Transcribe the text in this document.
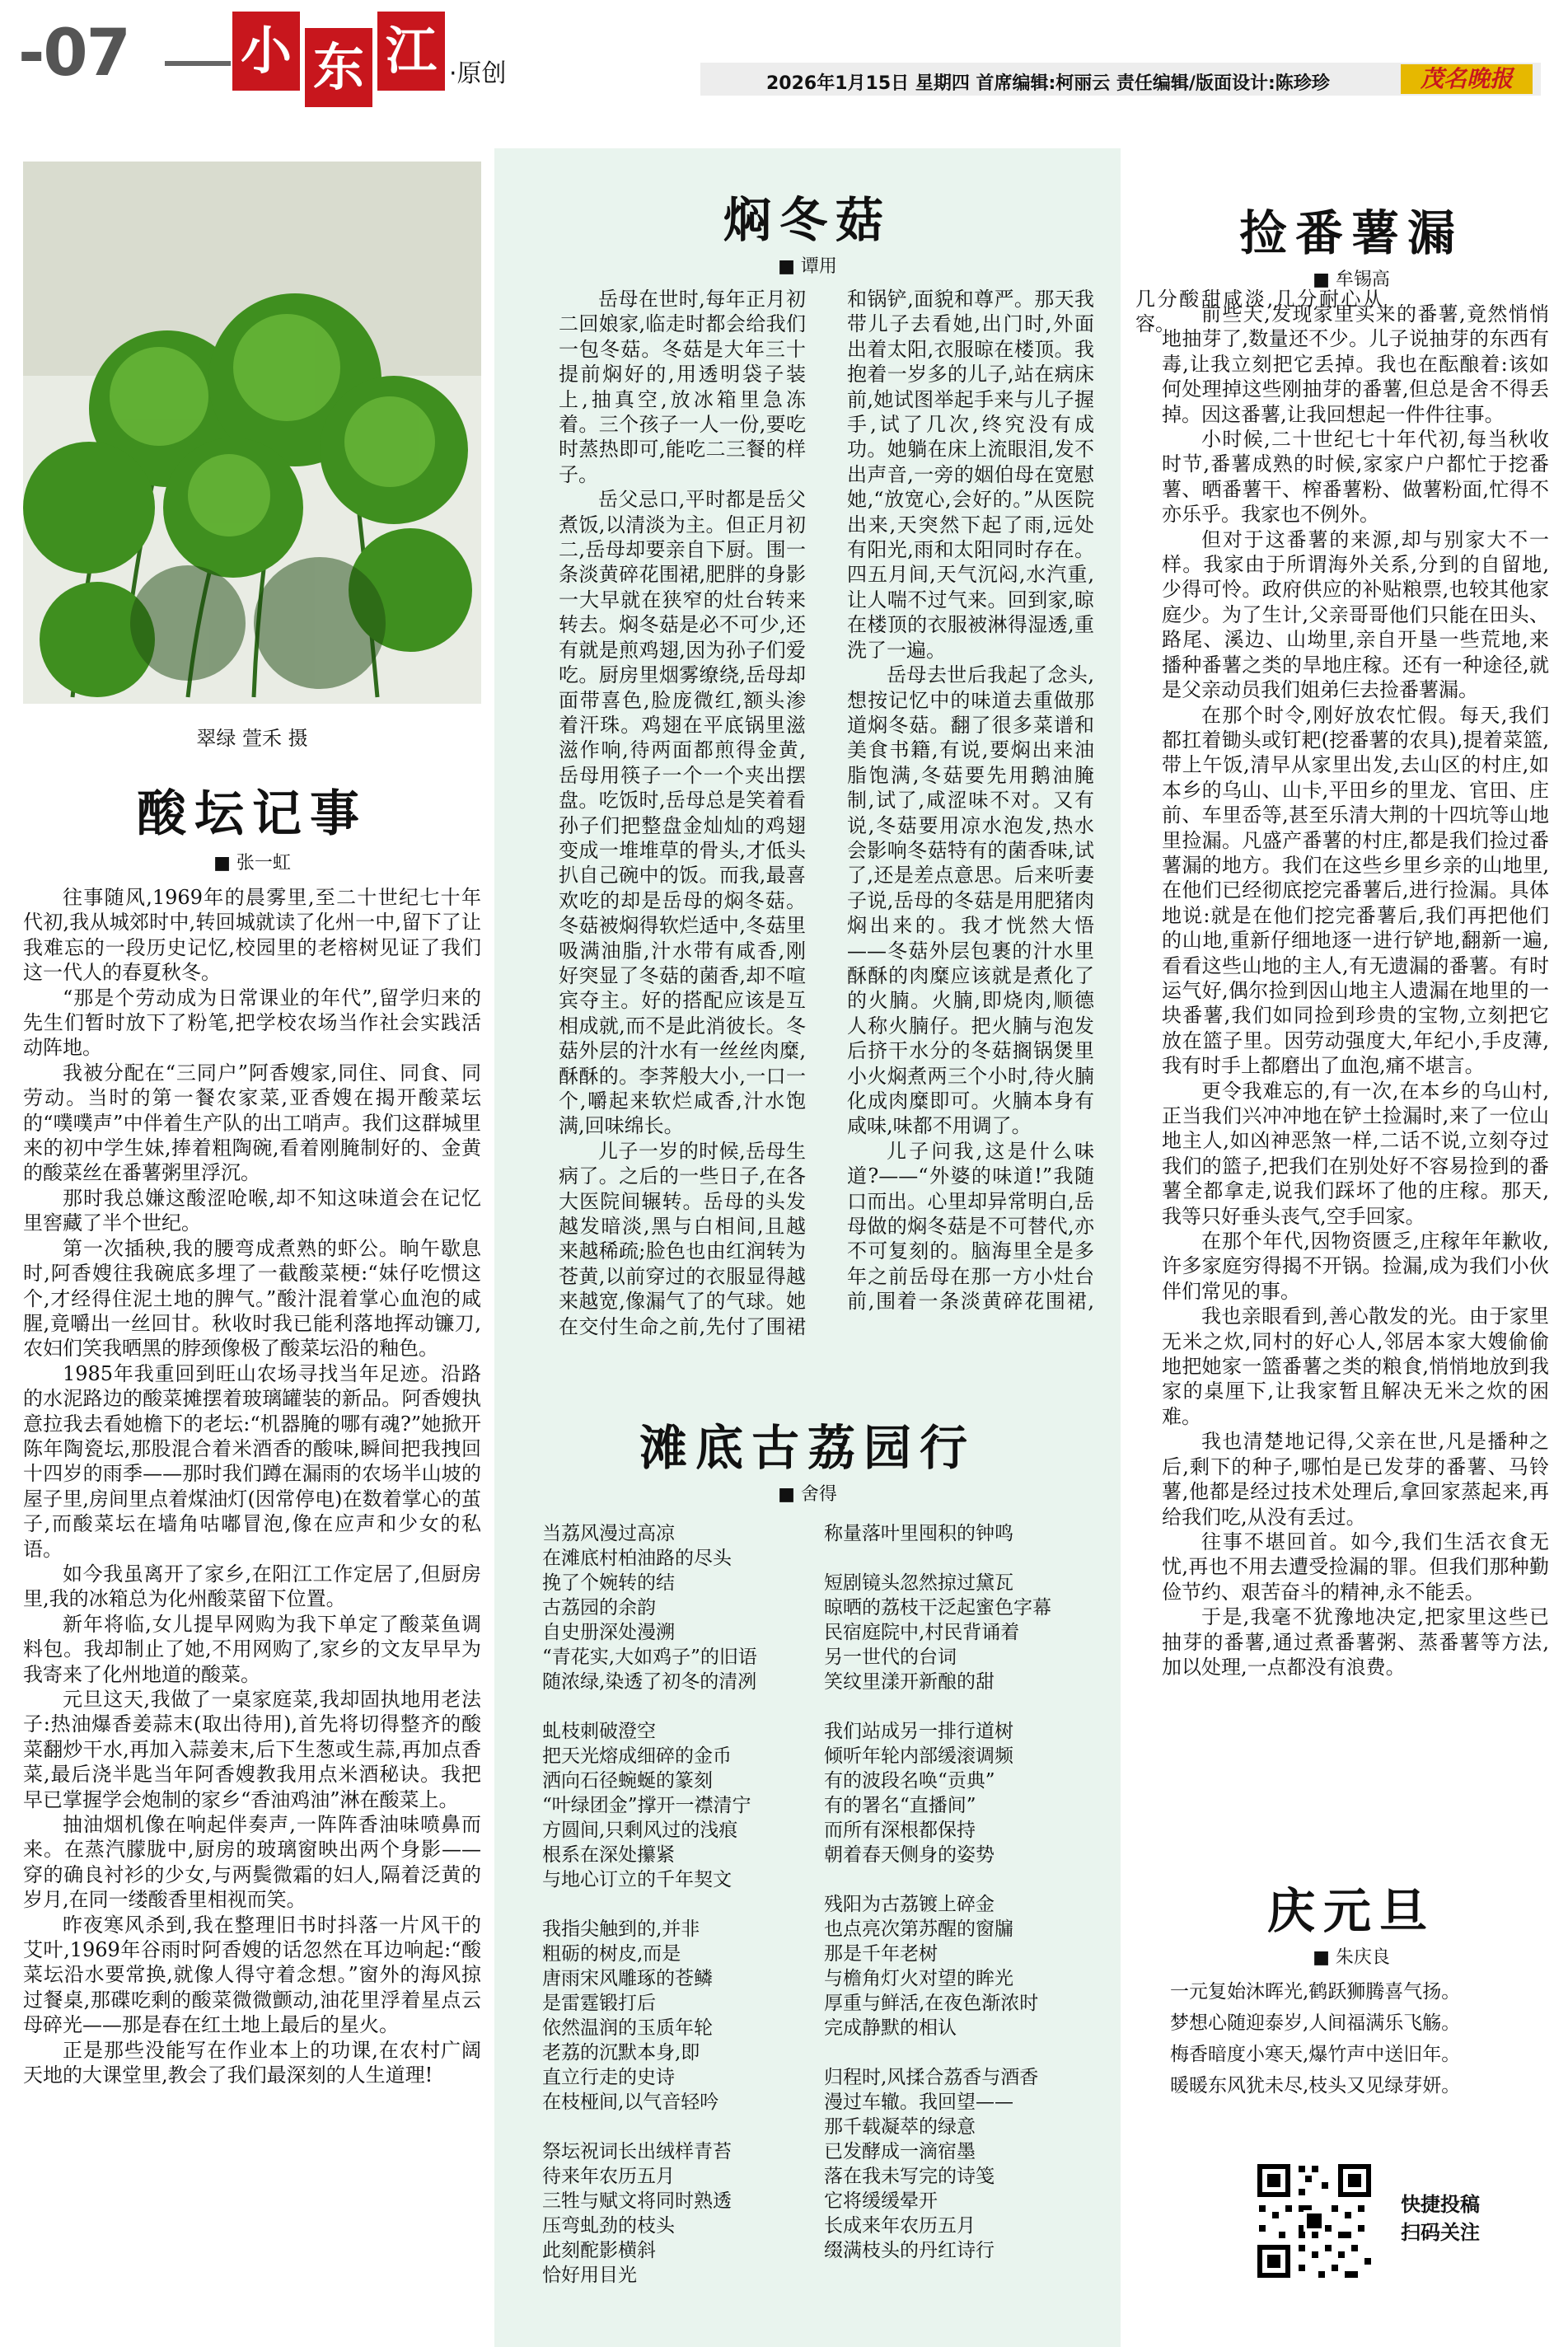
-07 小 东 江 ·原创	2026年1月15日 星期四 首席编辑:柯丽云 责任编辑/版面设计:陈珍珍	茂名晚报
翠绿 萱禾 摄
酸坛记事
■ 张一虹

往事随风,1969年的晨雾里,至二十世纪七十年代初,我从城郊时中,转回城就读了化州一中,留下了让我难忘的一段历史记忆,校园里的老榕树见证了我们这一代人的春夏秋冬。

“那是个劳动成为日常课业的年代”,留学归来的先生们暂时放下了粉笔,把学校农场当作社会实践活动阵地。

我被分配在“三同户”阿香嫂家,同住、同食、同劳动。当时的第一餐农家菜,亚香嫂在揭开酸菜坛的“噗噗声”中伴着生产队的出工哨声。我们这群城里来的初中学生妹,捧着粗陶碗,看着刚腌制好的、金黄的酸菜丝在番薯粥里浮沉。

那时我总嫌这酸涩呛喉,却不知这味道会在记忆里窖藏了半个世纪。

第一次插秧,我的腰弯成煮熟的虾公。晌午歇息时,阿香嫂往我碗底多埋了一截酸菜梗:“妹仔吃惯这个,才经得住泥土地的脾气。”酸汁混着掌心血泡的咸腥,竟嚼出一丝回甘。秋收时我已能利落地挥动镰刀,农妇们笑我晒黑的脖颈像极了酸菜坛沿的釉色。

1985年我重回到旺山农场寻找当年足迹。沿路的水泥路边的酸菜摊摆着玻璃罐装的新品。阿香嫂执意拉我去看她檐下的老坛:“机器腌的哪有魂?”她掀开陈年陶瓷坛,那股混合着米酒香的酸味,瞬间把我拽回十四岁的雨季——那时我们蹲在漏雨的农场半山坡的屋子里,房间里点着煤油灯(因常停电)在数着掌心的茧子,而酸菜坛在墙角咕嘟冒泡,像在应声和少女的私语。

如今我虽离开了家乡,在阳江工作定居了,但厨房里,我的冰箱总为化州酸菜留下位置。

新年将临,女儿提早网购为我下单定了酸菜鱼调料包。我却制止了她,不用网购了,家乡的文友早早为我寄来了化州地道的酸菜。

元旦这天,我做了一桌家庭菜,我却固执地用老法子:热油爆香姜蒜末(取出待用),首先将切得整齐的酸菜翻炒干水,再加入蒜姜末,后下生葱或生蒜,再加点香菜,最后浇半匙当年阿香嫂教我用点米酒秘诀。我把早已掌握学会炮制的家乡“香油鸡油”淋在酸菜上。

抽油烟机像在响起伴奏声,一阵阵香油味喷鼻而来。在蒸汽朦胧中,厨房的玻璃窗映出两个身影——穿的确良衬衫的少女,与两鬓微霜的妇人,隔着泛黄的岁月,在同一缕酸香里相视而笑。

昨夜寒风杀到,我在整理旧书时抖落一片风干的艾叶,1969年谷雨时阿香嫂的话忽然在耳边响起:“酸菜坛沿水要常换,就像人得守着念想。”窗外的海风掠过餐桌,那碟吃剩的酸菜微微颤动,油花里浮着星点云母碎光——那是春在红土地上最后的星火。

正是那些没能写在作业本上的功课,在农村广阔天地的大课堂里,教会了我们最深刻的人生道理!

焖冬菇
■ 谭用

岳母在世时,每年正月初二回娘家,临走时都会给我们一包冬菇。冬菇是大年三十提前焖好的,用透明袋子装上,抽真空,放冰箱里急冻着。三个孩子一人一份,要吃时蒸热即可,能吃二三餐的样子。

岳父忌口,平时都是岳父煮饭,以清淡为主。但正月初二,岳母却要亲自下厨。围一条淡黄碎花围裙,肥胖的身影一大早就在狭窄的灶台转来转去。焖冬菇是必不可少,还有就是煎鸡翅,因为孙子们爱吃。厨房里烟雾缭绕,岳母却面带喜色,脸庞微红,额头渗着汗珠。鸡翅在平底锅里滋滋作响,待两面都煎得金黄,岳母用筷子一个一个夹出摆盘。吃饭时,岳母总是笑着看孙子们把整盘金灿灿的鸡翅变成一堆堆草的骨头,才低头扒自己碗中的饭。而我,最喜欢吃的却是岳母的焖冬菇。冬菇被焖得软烂适中,冬菇里吸满油脂,汁水带有咸香,刚好突显了冬菇的菌香,却不喧宾夺主。好的搭配应该是互相成就,而不是此消彼长。冬菇外层的汁水有一丝丝肉糜,酥酥的。李荠般大小,一口一个,嚼起来软烂咸香,汁水饱满,回味绵长。

儿子一岁的时候,岳母生病了。之后的一些日子,在各大医院间辗转。岳母的头发越发暗淡,黑与白相间,且越来越稀疏;脸色也由红润转为苍黄,以前穿过的衣服显得越来越宽,像漏气了的气球。她在交付生命之前,先付了围裙和锅铲,面貌和尊严。那天我带儿子去看她,出门时,外面出着太阳,衣服晾在楼顶。我抱着一岁多的儿子,站在病床前,她试图举起手来与儿子握手,试了几次,终究没有成功。她躺在床上流眼泪,发不出声音,一旁的姻伯母在宽慰她,“放宽心,会好的。”从医院出来,天突然下起了雨,远处有阳光,雨和太阳同时存在。四五月间,天气沉闷,水汽重,让人喘不过气来。回到家,晾在楼顶的衣服被淋得湿透,重洗了一遍。

岳母去世后我起了念头,想按记忆中的味道去重做那道焖冬菇。翻了很多菜谱和美食书籍,有说,要焖出来油脂饱满,冬菇要先用鹅油腌制,试了,咸涩味不对。又有说,冬菇要用凉水泡发,热水会影响冬菇特有的菌香味,试了,还是差点意思。后来听妻子说,岳母的冬菇是用肥猪肉焖出来的。我才恍然大悟——冬菇外层包裹的汁水里酥酥的肉糜应该就是煮化了的火腩。火腩,即烧肉,顺德人称火腩仔。把火腩与泡发后挤干水分的冬菇搁锅煲里小火焖煮两三个小时,待火腩化成肉糜即可。火腩本身有咸味,味都不用调了。

儿子问我,这是什么味道?——“外婆的味道!”我随口而出。心里却异常明白,岳母做的焖冬菇是不可替代,亦不可复刻的。脑海里全是多年之前岳母在那一方小灶台前,围着一条淡黄碎花围裙,几分酸甜咸淡,几分耐心从容。

滩底古荔园行
■ 舍得

当荔风漫过高凉
在滩底村柏油路的尽头
挽了个婉转的结
古荔园的余韵
自史册深处漫溯
“青花实,大如鸡子”的旧语
随浓绿,染透了初冬的清冽

虬枝刺破澄空
把天光熔成细碎的金币
洒向石径蜿蜒的篆刻
“叶绿团金”撑开一襟清宁
方圆间,只剩风过的浅痕
根系在深处攥紧
与地心订立的千年契文

我指尖触到的,并非
粗砺的树皮,而是
唐雨宋风雕琢的苍鳞
是雷霆锻打后
依然温润的玉质年轮
老荔的沉默本身,即
直立行走的史诗
在枝桠间,以气音轻吟

祭坛祝词长出绒样青苔
待来年农历五月
三牲与赋文将同时熟透
压弯虬劲的枝头
此刻酡影横斜
恰好用目光

称量落叶里囤积的钟鸣

短剧镜头忽然掠过黛瓦
晾晒的荔枝干泛起蜜色字幕
民宿庭院中,村民背诵着
另一世代的台词
笑纹里漾开新酿的甜

我们站成另一排行道树
倾听年轮内部缓滚调频
有的波段名唤“贡典”
有的署名“直播间”
而所有深根都保持
朝着春天侧身的姿势

残阳为古荔镀上碎金
也点亮次第苏醒的窗牖
那是千年老树
与檐角灯火对望的眸光
厚重与鲜活,在夜色渐浓时
完成静默的相认

归程时,风揉合荔香与酒香
漫过车辙。我回望——
那千载凝萃的绿意
已发酵成一滴宿墨
落在我未写完的诗笺
它将缓缓晕开
长成来年农历五月
缀满枝头的丹红诗行

捡番薯漏
■ 牟锡高

前些天,发现家里买来的番薯,竟然悄悄地抽芽了,数量还不少。儿子说抽芽的东西有毒,让我立刻把它丢掉。我也在酝酿着:该如何处理掉这些刚抽芽的番薯,但总是舍不得丢掉。因这番薯,让我回想起一件件往事。

小时候,二十世纪七十年代初,每当秋收时节,番薯成熟的时候,家家户户都忙于挖番薯、晒番薯干、榨番薯粉、做薯粉面,忙得不亦乐乎。我家也不例外。

但对于这番薯的来源,却与别家大不一样。我家由于所谓海外关系,分到的自留地,少得可怜。政府供应的补贴粮票,也较其他家庭少。为了生计,父亲哥哥他们只能在田头、路尾、溪边、山坳里,亲自开垦一些荒地,来播种番薯之类的旱地庄稼。还有一种途径,就是父亲动员我们姐弟仨去捡番薯漏。

在那个时令,刚好放农忙假。每天,我们都扛着锄头或钉耙(挖番薯的农具),提着菜篮,带上午饭,清早从家里出发,去山区的村庄,如本乡的乌山、山卡,平田乡的里龙、官田、庄前、车里岙等,甚至乐清大荆的十四坑等山地里捡漏。凡盛产番薯的村庄,都是我们捡过番薯漏的地方。我们在这些乡里乡亲的山地里,在他们已经彻底挖完番薯后,进行捡漏。具体地说:就是在他们挖完番薯后,我们再把他们的山地,重新仔细地逐一进行铲地,翻新一遍,看看这些山地的主人,有无遗漏的番薯。有时运气好,偶尔捡到因山地主人遗漏在地里的一块番薯,我们如同捡到珍贵的宝物,立刻把它放在篮子里。因劳动强度大,年纪小,手皮薄,我有时手上都磨出了血泡,痛不堪言。

更令我难忘的,有一次,在本乡的乌山村,正当我们兴冲冲地在铲土捡漏时,来了一位山地主人,如凶神恶煞一样,二话不说,立刻夺过我们的篮子,把我们在别处好不容易捡到的番薯全都拿走,说我们踩坏了他的庄稼。那天,我等只好垂头丧气,空手回家。

在那个年代,因物资匮乏,庄稼年年歉收,许多家庭穷得揭不开锅。捡漏,成为我们小伙伴们常见的事。

我也亲眼看到,善心散发的光。由于家里无米之炊,同村的好心人,邻居本家大嫂偷偷地把她家一篮番薯之类的粮食,悄悄地放到我家的桌厘下,让我家暂且解决无米之炊的困难。

我也清楚地记得,父亲在世,凡是播种之后,剩下的种子,哪怕是已发芽的番薯、马铃薯,他都是经过技术处理后,拿回家蒸起来,再给我们吃,从没有丢过。

往事不堪回首。如今,我们生活衣食无忧,再也不用去遭受捡漏的罪。但我们那种勤俭节约、艰苦奋斗的精神,永不能丢。

于是,我毫不犹豫地决定,把家里这些已抽芽的番薯,通过煮番薯粥、蒸番薯等方法,加以处理,一点都没有浪费。

庆元旦
■ 朱庆良
一元复始沐晖光,鹤跃狮腾喜气扬。
梦想心随迎泰岁,人间福满乐飞觞。
梅香暗度小寒天,爆竹声中送旧年。
暖暖东风犹未尽,枝头又见绿芽妍。
快捷投稿
扫码关注
